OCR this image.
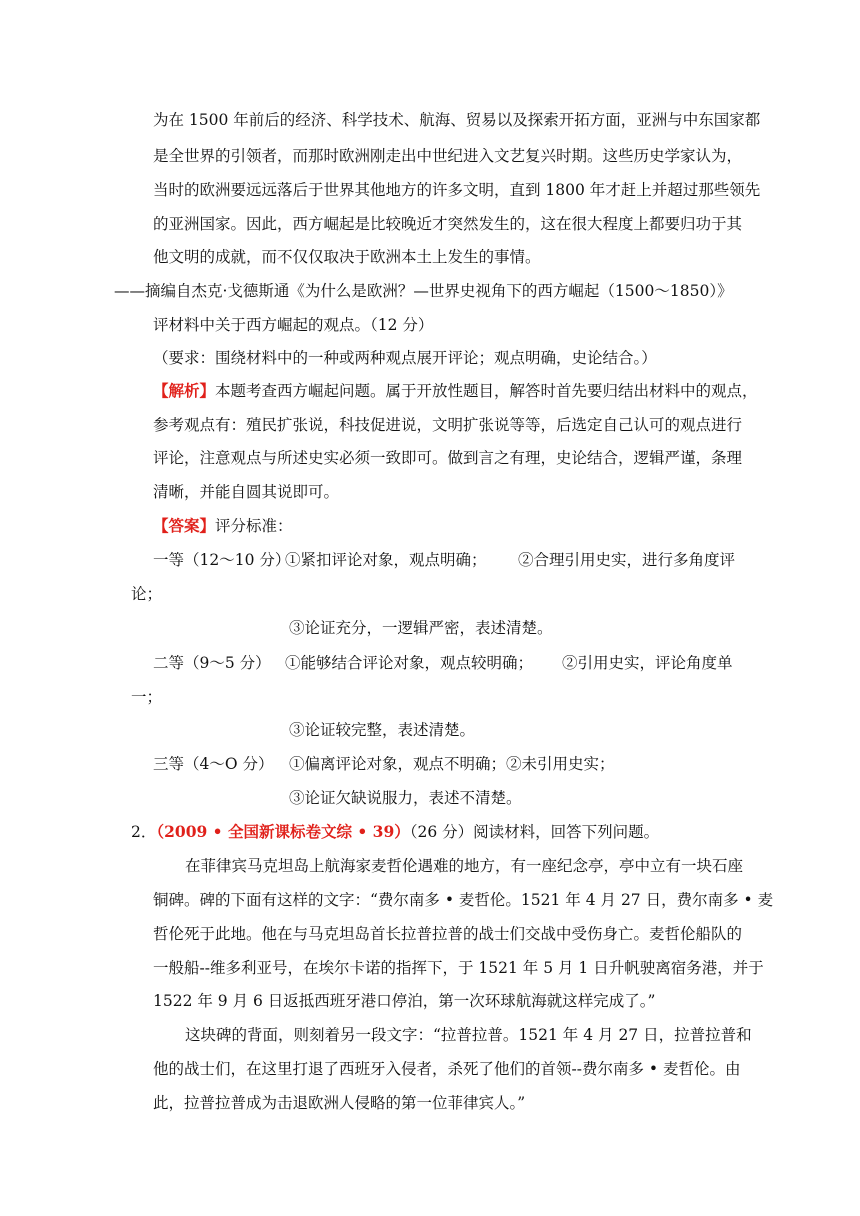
为在 1500 年前后的经济、科学技术、航海、贸易以及探索开拓方面，亚洲与中东国家都
是全世界的引领者，而那时欧洲刚走出中世纪进入文艺复兴时期。这些历史学家认为，
当时的欧洲要远远落后于世界其他地方的许多文明，直到 1800 年才赶上并超过那些领先
的亚洲国家。因此，西方崛起是比较晚近才突然发生的，这在很大程度上都要归功于其
他文明的成就，而不仅仅取决于欧洲本土上发生的事情。
——摘编自杰克·戈德斯通《为什么是欧洲？—世界史视角下的西方崛起（1500～1850）》
评材料中关于西方崛起的观点。（12 分）
（要求：围绕材料中的一种或两种观点展开评论；观点明确，史论结合。）
【解析】本题考查西方崛起问题。属于开放性题目，解答时首先要归结出材料中的观点，
参考观点有：殖民扩张说，科技促进说，文明扩张说等等，后选定自己认可的观点进行
评论，注意观点与所述史实必须一致即可。做到言之有理，史论结合，逻辑严谨，条理
清晰，并能自圆其说即可。
【答案】评分标准：
一等（12～10 分）
①紧扣评论对象，观点明确； ②合理引用史实，进行多角度评
论；
③论证充分，一逻辑严密，表述清楚。
二等（9～5 分） ①能够结合评论对象，观点较明确； ②引用史实，评论角度单
一；
③论证较完整，表述清楚。
三等（4～O 分） ①偏离评论对象，观点不明确；②未引用史实；
③论证欠缺说服力，表述不清楚。
2．（2009 • 全国新课标卷文综 • 39）（26 分）阅读材料，回答下列问题。
在菲律宾马克坦岛上航海家麦哲伦遇难的地方，有一座纪念亭，亭中立有一块石座
铜碑。碑的下面有这样的文字：“费尔南多 • 麦哲伦。1521 年 4 月 27 日，费尔南多 • 麦
哲伦死于此地。他在与马克坦岛首长拉普拉普的战士们交战中受伤身亡。麦哲伦船队的
一般船--维多利亚号，在埃尔卡诺的指挥下，于 1521 年 5 月 1 日升帆驶离宿务港，并于
1522 年 9 月 6 日返抵西班牙港口停泊，第一次环球航海就这样完成了。”
这块碑的背面，则刻着另一段文字：“拉普拉普。1521 年 4 月 27 日，拉普拉普和
他的战士们，在这里打退了西班牙入侵者，杀死了他们的首领--费尔南多 • 麦哲伦。由
此，拉普拉普成为击退欧洲人侵略的第一位菲律宾人。”
